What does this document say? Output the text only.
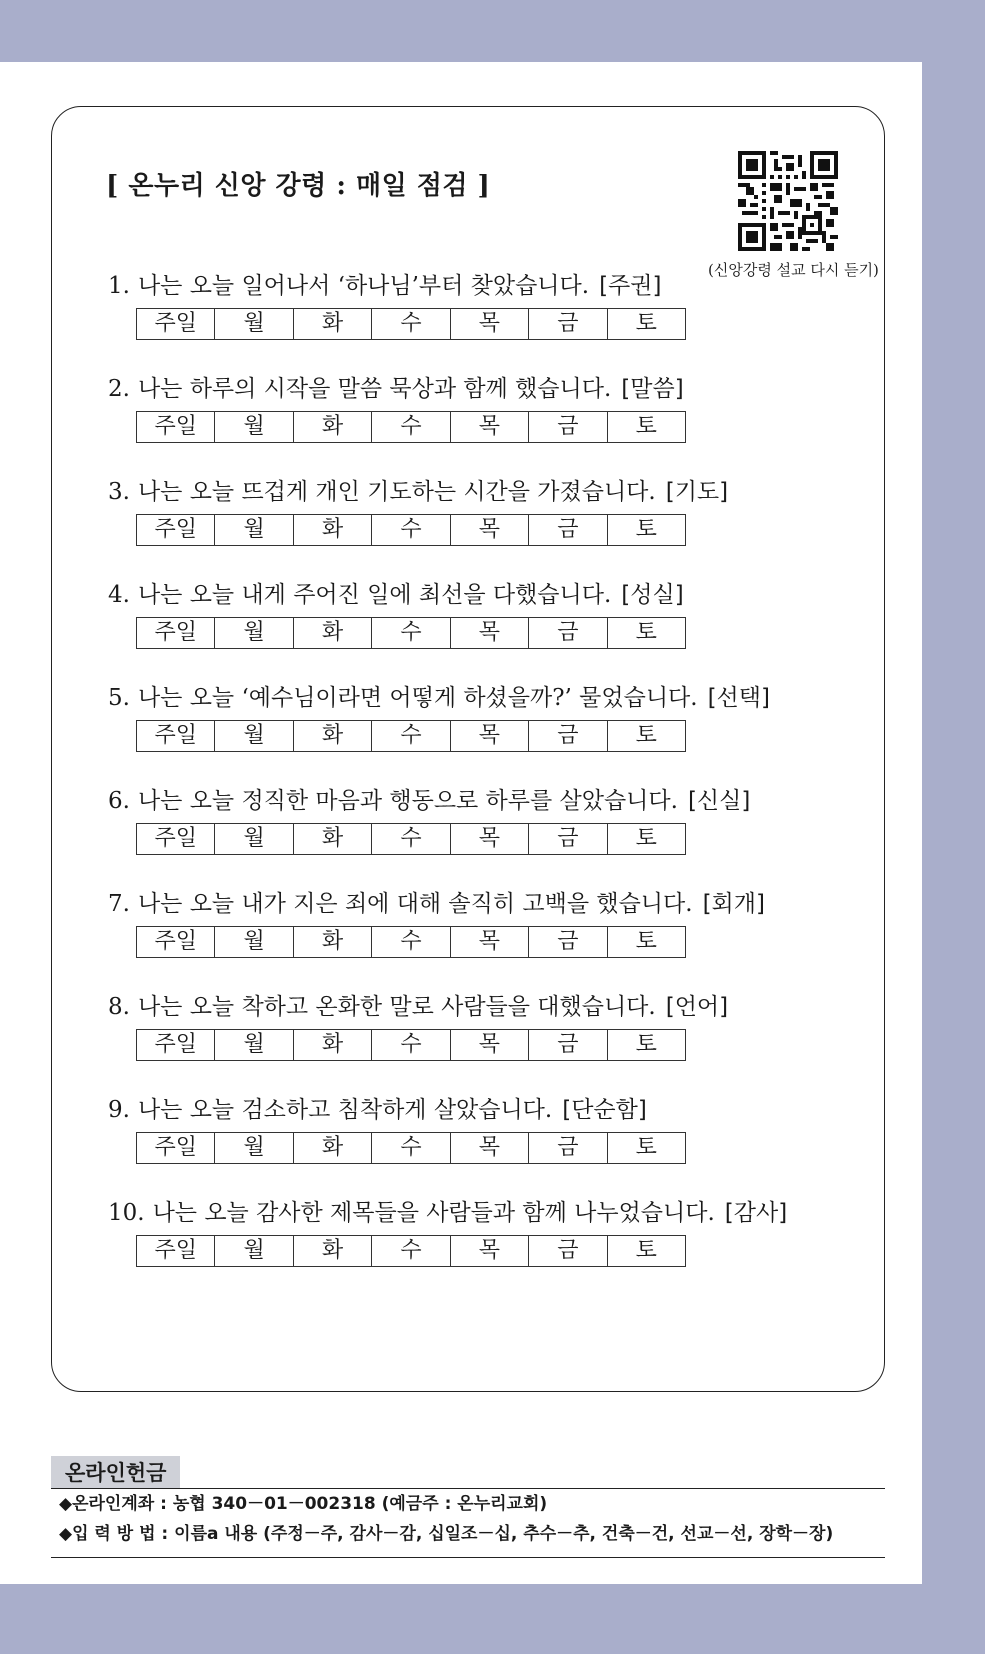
[ 온누리 신앙 강령 : 매일 점검 ]
(신앙강령 설교 다시 듣기)
1. 나는 오늘 일어나서 ‘하나님’부터 찾았습니다. [주권]
주일	월	화	수	목	금	토
2. 나는 하루의 시작을 말씀 묵상과 함께 했습니다. [말씀]
주일	월	화	수	목	금	토
3. 나는 오늘 뜨겁게 개인 기도하는 시간을 가졌습니다. [기도]
주일	월	화	수	목	금	토
4. 나는 오늘 내게 주어진 일에 최선을 다했습니다. [성실]
주일	월	화	수	목	금	토
5. 나는 오늘 ‘예수님이라면 어떻게 하셨을까?’ 물었습니다. [선택]
주일	월	화	수	목	금	토
6. 나는 오늘 정직한 마음과 행동으로 하루를 살았습니다. [신실]
주일	월	화	수	목	금	토
7. 나는 오늘 내가 지은 죄에 대해 솔직히 고백을 했습니다. [회개]
주일	월	화	수	목	금	토
8. 나는 오늘 착하고 온화한 말로 사람들을 대했습니다. [언어]
주일	월	화	수	목	금	토
9. 나는 오늘 검소하고 침착하게 살았습니다. [단순함]
주일	월	화	수	목	금	토
10. 나는 오늘 감사한 제목들을 사람들과 함께 나누었습니다. [감사]
주일	월	화	수	목	금	토
온라인헌금
◆온라인계좌 : 농협 340－01－002318 (예금주 : 온누리교회)
◆입 력 방 법 : 이름a 내용 (주정－주, 감사－감, 십일조－십, 추수－추, 건축－건, 선교－선, 장학－장)
